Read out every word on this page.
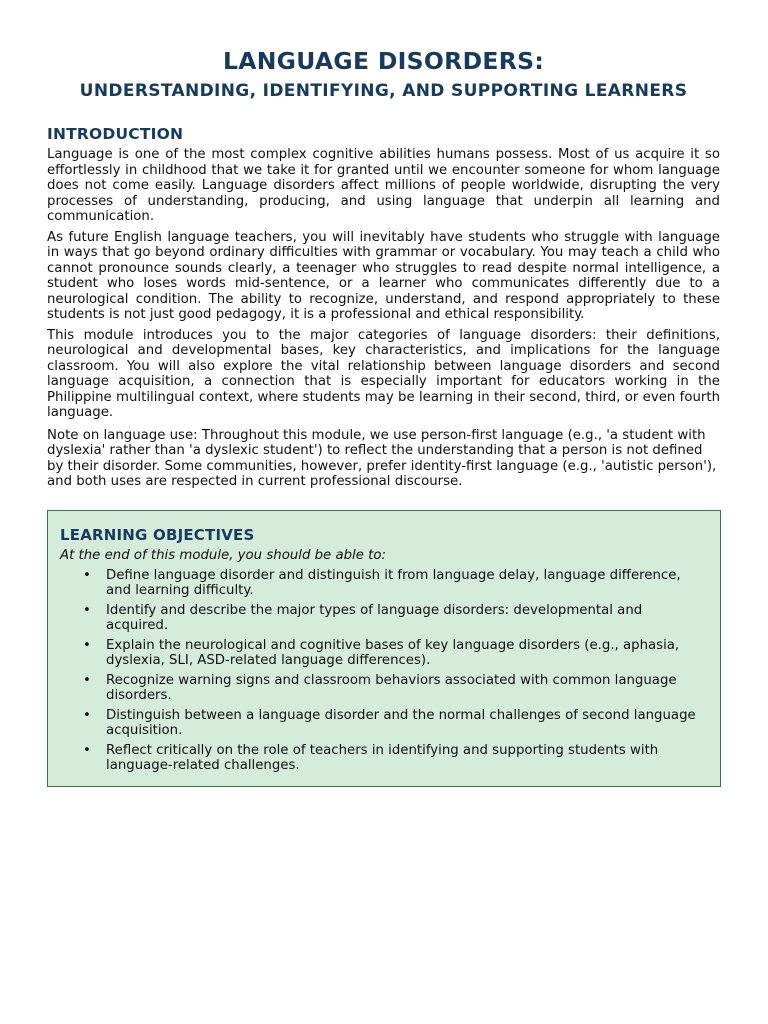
LANGUAGE DISORDERS:
UNDERSTANDING, IDENTIFYING, AND SUPPORTING LEARNERS
INTRODUCTION

Language is one of the most complex cognitive abilities humans possess. Most of us acquire it so effortlessly in childhood that we take it for granted until we encounter someone for whom language does not come easily. Language disorders affect millions of people worldwide, disrupting the very processes of understanding, producing, and using language that underpin all learning and communication.

As future English language teachers, you will inevitably have students who struggle with language in ways that go beyond ordinary difficulties with grammar or vocabulary. You may teach a child who cannot pronounce sounds clearly, a teenager who struggles to read despite normal intelligence, a student who loses words mid-sentence, or a learner who communicates differently due to a neurological condition. The ability to recognize, understand, and respond appropriately to these students is not just good pedagogy, it is a professional and ethical responsibility.

This module introduces you to the major categories of language disorders: their definitions, neurological and developmental bases, key characteristics, and implications for the language classroom. You will also explore the vital relationship between language disorders and second language acquisition, a connection that is especially important for educators working in the Philippine multilingual context, where students may be learning in their second, third, or even fourth language.

Note on language use: Throughout this module, we use person-first language (e.g., 'a student with dyslexia' rather than 'a dyslexic student') to reflect the understanding that a person is not defined by their disorder. Some communities, however, prefer identity-first language (e.g., 'autistic person'), and both uses are respected in current professional discourse.

LEARNING OBJECTIVES

At the end of this module, you should be able to:

• Define language disorder and distinguish it from language delay, language difference, and learning difficulty.
• Identify and describe the major types of language disorders: developmental and acquired.
• Explain the neurological and cognitive bases of key language disorders (e.g., aphasia, dyslexia, SLI, ASD-related language differences).
• Recognize warning signs and classroom behaviors associated with common language disorders.
• Distinguish between a language disorder and the normal challenges of second language acquisition.
• Reflect critically on the role of teachers in identifying and supporting students with language-related challenges.
